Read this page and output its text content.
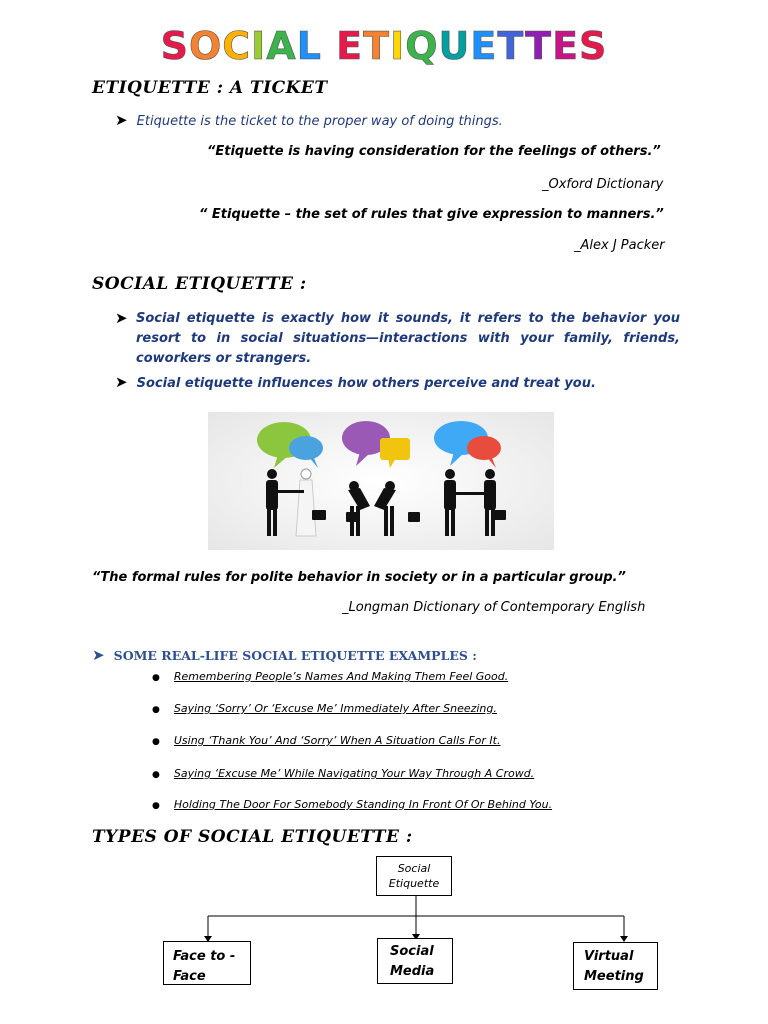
SOCIAL ETIQUETTES
ETIQUETTE : A TICKET
➤ Etiquette is the ticket to the proper way of doing things.
“Etiquette is having consideration for the feelings of others.”
_Oxford Dictionary
“ Etiquette – the set of rules that give expression to manners.”
_Alex J Packer
SOCIAL ETIQUETTE :
➤ Social etiquette is exactly how it sounds, it refers to the behavior you resort to in social situations—interactions with your family, friends, coworkers or strangers.
➤ Social etiquette influences how others perceive and treat you.
“The formal rules for polite behavior in society or in a particular group.”
_Longman Dictionary of Contemporary English
➤ SOME REAL-LIFE SOCIAL ETIQUETTE EXAMPLES :
● Remembering People’s Names And Making Them Feel Good.
● Saying ‘Sorry’ Or ‘Excuse Me’ Immediately After Sneezing.
● Using ‘Thank You’ And ‘Sorry’ When A Situation Calls For It.
● Saying ‘Excuse Me’ While Navigating Your Way Through A Crowd.
● Holding The Door For Somebody Standing In Front Of Or Behind You.
TYPES OF SOCIAL ETIQUETTE :
Social Etiquette
Face to - Face
Social Media
Virtual Meeting
